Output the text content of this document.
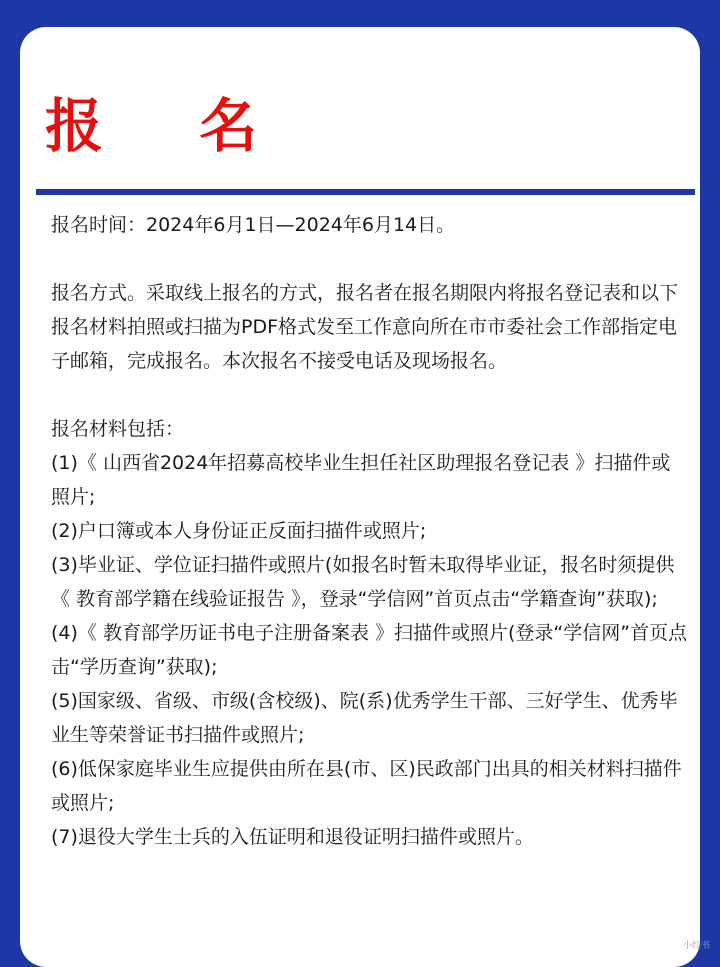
报 名

报名时间：2024年6月1日—2024年6月14日。

报名方式。采取线上报名的方式，报名者在报名期限内将报名登记表和以下报名材料拍照或扫描为PDF格式发至工作意向所在市市委社会工作部指定电子邮箱，完成报名。本次报名不接受电话及现场报名。

报名材料包括：

(1)《 山西省2024年招募高校毕业生担任社区助理报名登记表 》扫描件或照片;
(2)户口簿或本人身份证正反面扫描件或照片;
(3)毕业证、学位证扫描件或照片(如报名时暂未取得毕业证，报名时须提供《 教育部学籍在线验证报告 》，登录“学信网”首页点击“学籍查询”获取);
(4)《 教育部学历证书电子注册备案表 》扫描件或照片(登录“学信网”首页点击“学历查询”获取);
(5)国家级、省级、市级(含校级)、院(系)优秀学生干部、三好学生、优秀毕业生等荣誉证书扫描件或照片;
(6)低保家庭毕业生应提供由所在县(市、区)民政部门出具的相关材料扫描件或照片;
(7)退役大学生士兵的入伍证明和退役证明扫描件或照片。
小红书
